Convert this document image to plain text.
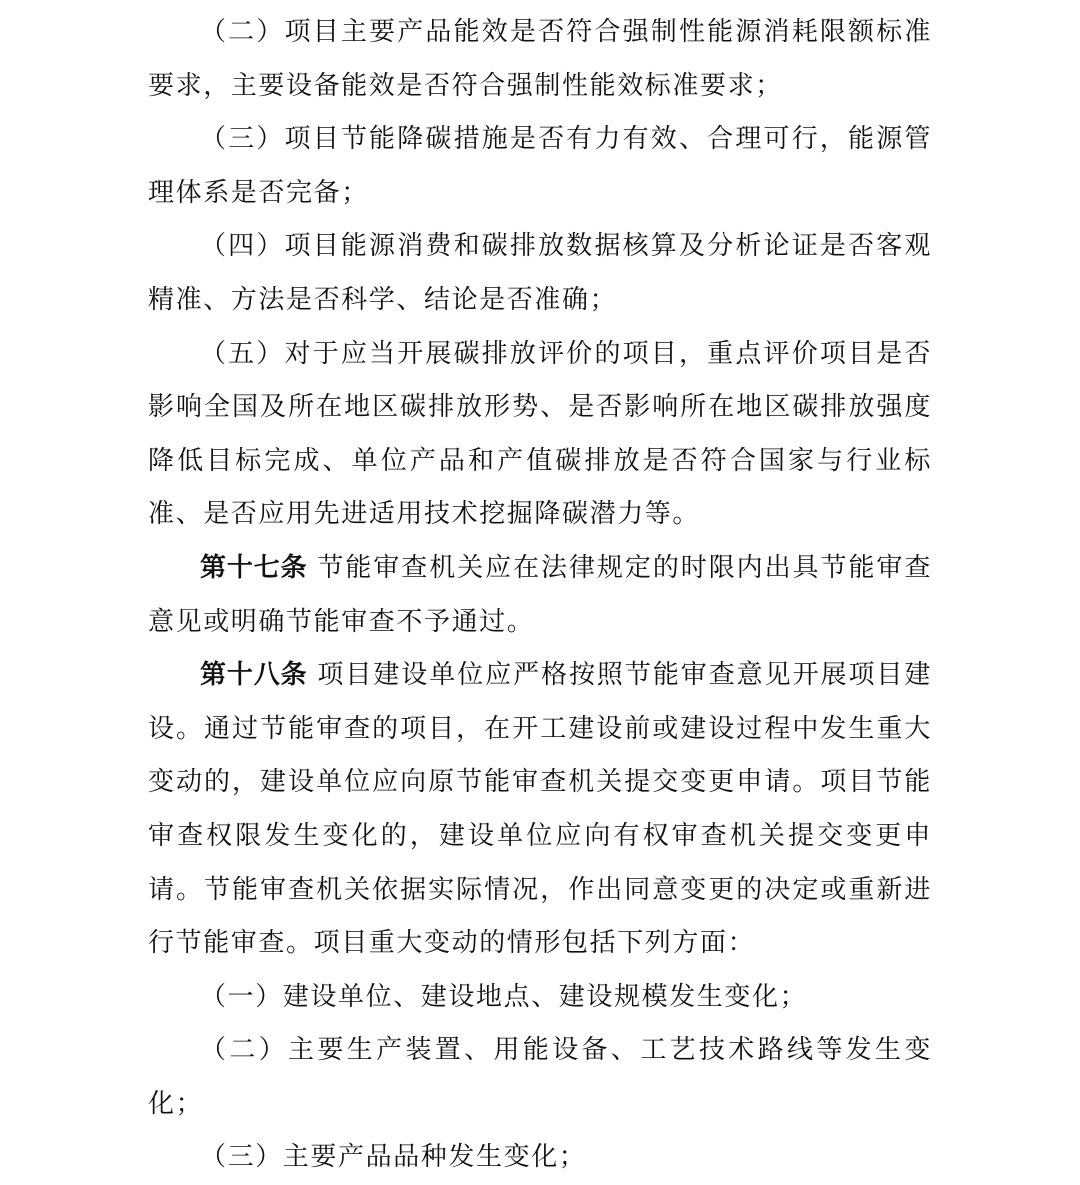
（二）项目主要产品能效是否符合强制性能源消耗限额标准要求，主要设备能效是否符合强制性能效标准要求；

（三）项目节能降碳措施是否有力有效、合理可行，能源管理体系是否完备；

（四）项目能源消费和碳排放数据核算及分析论证是否客观精准、方法是否科学、结论是否准确；

（五）对于应当开展碳排放评价的项目，重点评价项目是否影响全国及所在地区碳排放形势、是否影响所在地区碳排放强度降低目标完成、单位产品和产值碳排放是否符合国家与行业标准、是否应用先进适用技术挖掘降碳潜力等。

第十七条 节能审查机关应在法律规定的时限内出具节能审查意见或明确节能审查不予通过。

第十八条 项目建设单位应严格按照节能审查意见开展项目建设。通过节能审查的项目，在开工建设前或建设过程中发生重大变动的，建设单位应向原节能审查机关提交变更申请。项目节能审查权限发生变化的，建设单位应向有权审查机关提交变更申请。节能审查机关依据实际情况，作出同意变更的决定或重新进行节能审查。项目重大变动的情形包括下列方面：

（一）建设单位、建设地点、建设规模发生变化；

（二）主要生产装置、用能设备、工艺技术路线等发生变化；

（三）主要产品品种发生变化；
